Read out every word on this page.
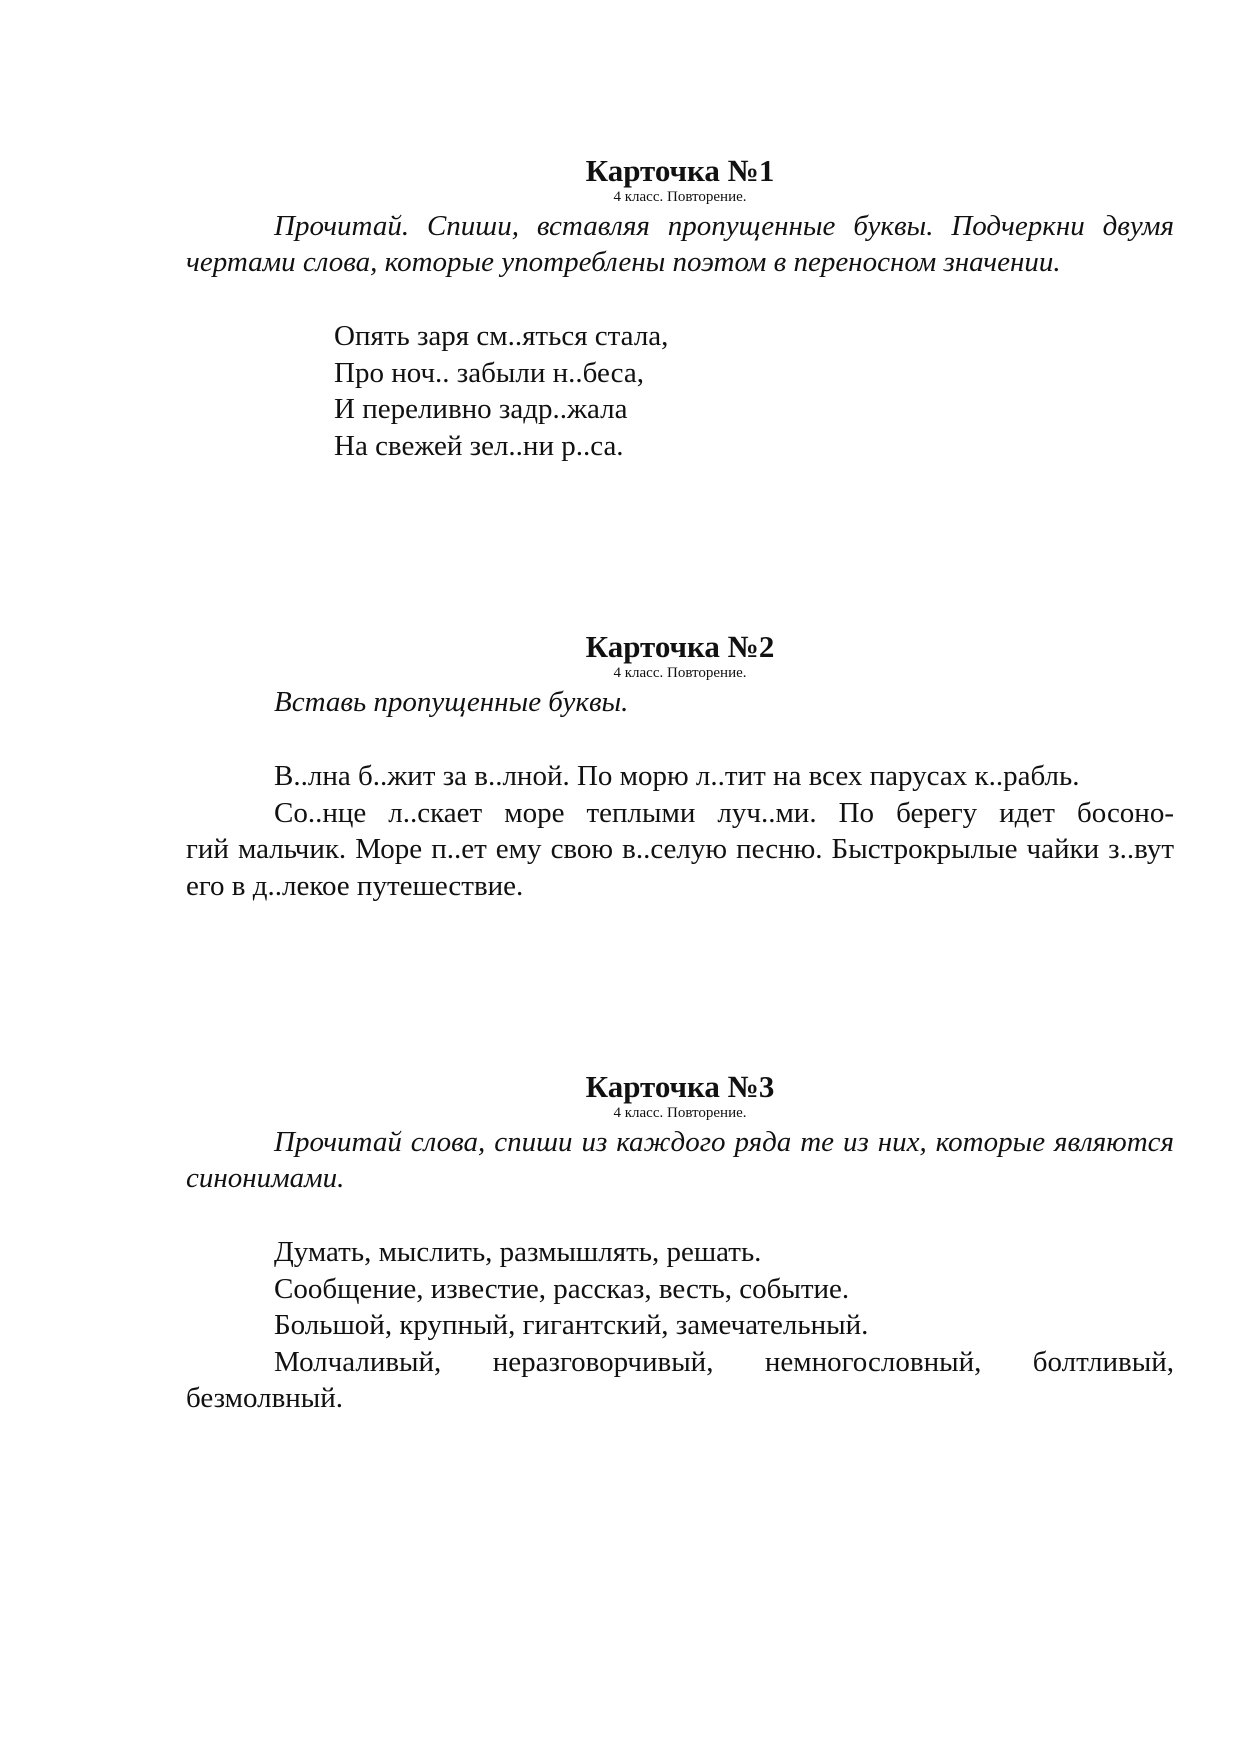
Карточка №1
4 класс. Повторение.

Прочитай. Спиши, вставляя пропущенные буквы. Подчеркни двумя чертами слова, которые употреблены поэтом в переносном значении.

Опять заря см..яться стала,
Про ноч.. забыли н..беса,
И переливно задр..жала
На свежей зел..ни р..са.
Карточка №2
4 класс. Повторение.

Вставь пропущенные буквы.

В..лна б..жит за в..лной. По морю л..тит на всех парусах к..рабль.

Со..нце л..скает море теплыми луч..ми. По берегу идет босоно-

гий мальчик. Море п..ет ему свою в..селую песню. Быстрокрылые чайки з..вут его в д..лекое путешествие.

Карточка №3
4 класс. Повторение.

Прочитай слова, спиши из каждого ряда те из них, которые являются синонимами.

Думать, мыслить, размышлять, решать.

Сообщение, известие, рассказ, весть, событие.

Большой, крупный, гигантский, замечательный.

Молчаливый, неразговорчивый, немногословный, болтливый, безмолвный.
